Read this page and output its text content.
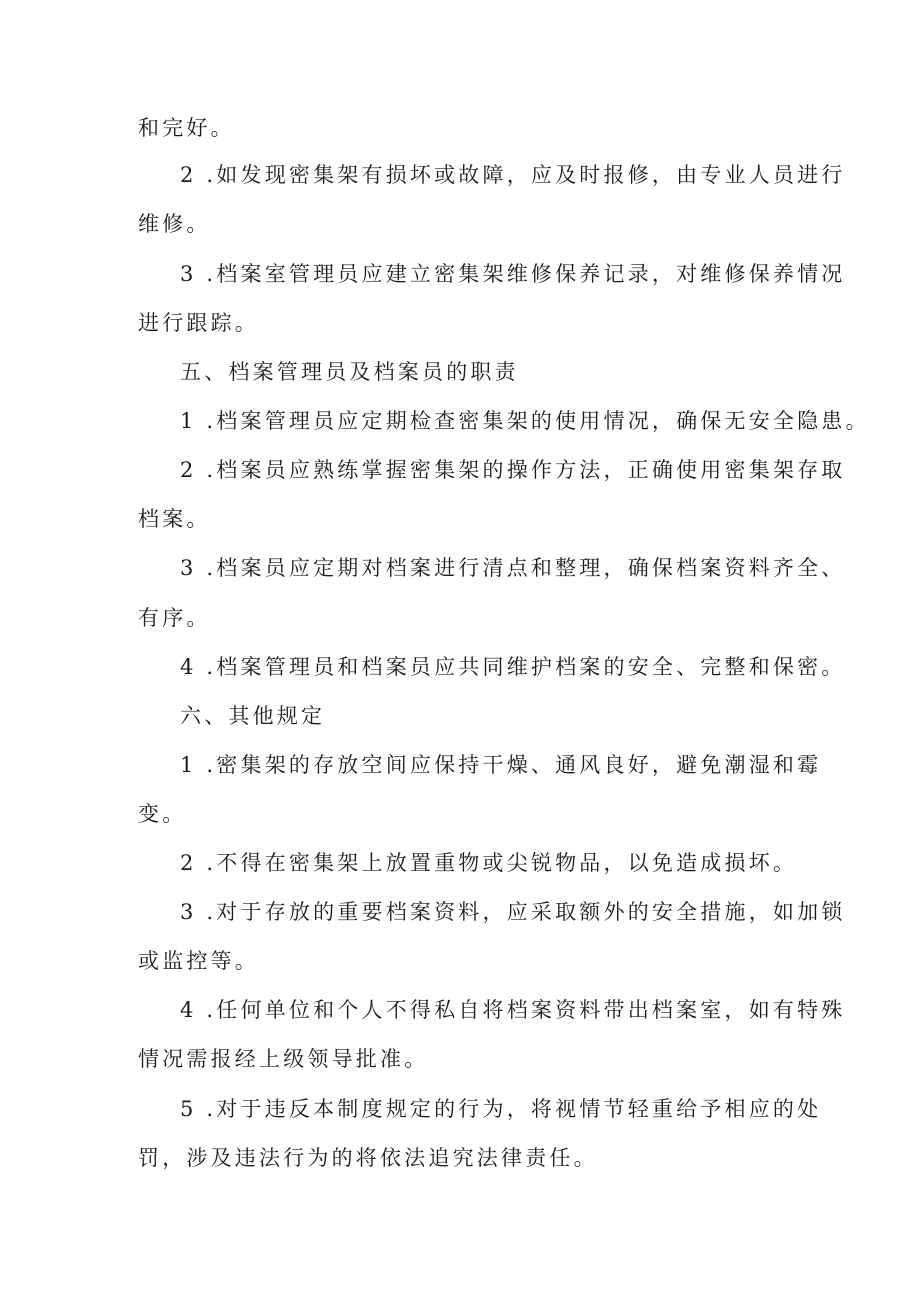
和完好。
2 .如发现密集架有损坏或故障，应及时报修，由专业人员进行
维修。
3 .档案室管理员应建立密集架维修保养记录，对维修保养情况
进行跟踪。
五、档案管理员及档案员的职责
1 .档案管理员应定期检查密集架的使用情况，确保无安全隐患。
2 .档案员应熟练掌握密集架的操作方法，正确使用密集架存取
档案。
3 .档案员应定期对档案进行清点和整理，确保档案资料齐全、
有序。
4 .档案管理员和档案员应共同维护档案的安全、完整和保密。
六、其他规定
1 .密集架的存放空间应保持干燥、通风良好，避免潮湿和霉
变。
2 .不得在密集架上放置重物或尖锐物品，以免造成损坏。
3 .对于存放的重要档案资料，应采取额外的安全措施，如加锁
或监控等。
4 .任何单位和个人不得私自将档案资料带出档案室，如有特殊
情况需报经上级领导批准。
5 .对于违反本制度规定的行为，将视情节轻重给予相应的处
罚，涉及违法行为的将依法追究法律责任。
